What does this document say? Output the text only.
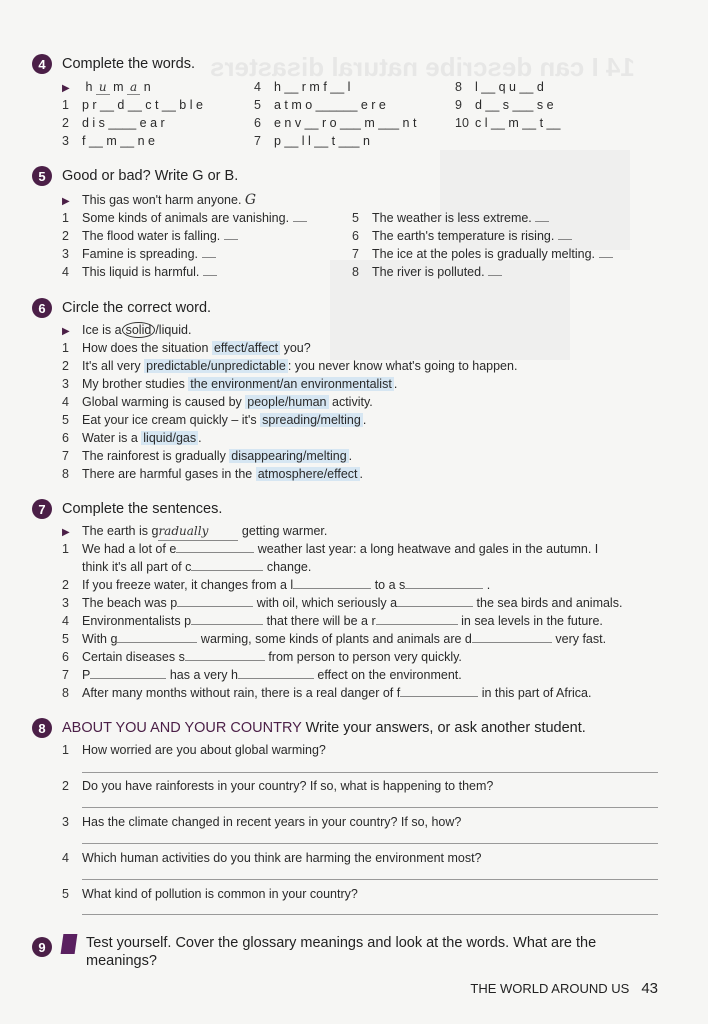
14 I can describe natural disasters
4	Complete the words.
▶ h u m a n
1 p r __ d __ c t __ b l e
2 d i s ____ e a r
3 f __ m __ n e
4 h __ r m f __ l
5 a t m o ______ e r e
6 e n v __ r o ___ m ___ n t
7 p __ l l __ t ___ n
8 l __ q u __ d
9 d __ s ___ s e
10 c l __ m __ t __
5	Good or bad? Write G or B.
▶ This gas won't harm anyone. G
1 Some kinds of animals are vanishing.
2 The flood water is falling.
3 Famine is spreading.
4 This liquid is harmful.
5 The weather is less extreme.
6 The earth's temperature is rising.
7 The ice at the poles is gradually melting.
8 The river is polluted.
6	Circle the correct word.
▶ Ice is a solid /liquid.
1 How does the situation effect/affect you?
2 It's all very predictable/unpredictable : you never know what's going to happen.
3 My brother studies the environment/an environmentalist .
4 Global warming is caused by people/human activity.
5 Eat your ice cream quickly – it's spreading/melting .
6 Water is a liquid/gas .
7 The rainforest is gradually disappearing/melting .
8 There are harmful gases in the atmosphere/effect .
7	Complete the sentences.
▶ The earth is gradually	getting warmer.
1 We had a lot of e	weather last year: a long heatwave and gales in the autumn. I
think it's all part of c	change.
2 If you freeze water, it changes from a l	to a s	.
3 The beach was p	with oil, which seriously a	the sea birds and animals.
4 Environmentalists p	that there will be a r	in sea levels in the future.
5 With g	warming, some kinds of plants and animals are d	very fast.
6 Certain diseases s	from person to person very quickly.
7 P	has a very h	effect on the environment.
8 After many months without rain, there is a real danger of f	in this part of Africa.
8	ABOUT YOU AND YOUR COUNTRY Write your answers, or ask another student.
1 How worried are you about global warming?
2 Do you have rainforests in your country? If so, what is happening to them?
3 Has the climate changed in recent years in your country? If so, how?
4 Which human activities do you think are harming the environment most?
5 What kind of pollution is common in your country?
9	Test yourself. Cover the glossary meanings and look at the words. What are the
meanings?
THE WORLD AROUND US 43
